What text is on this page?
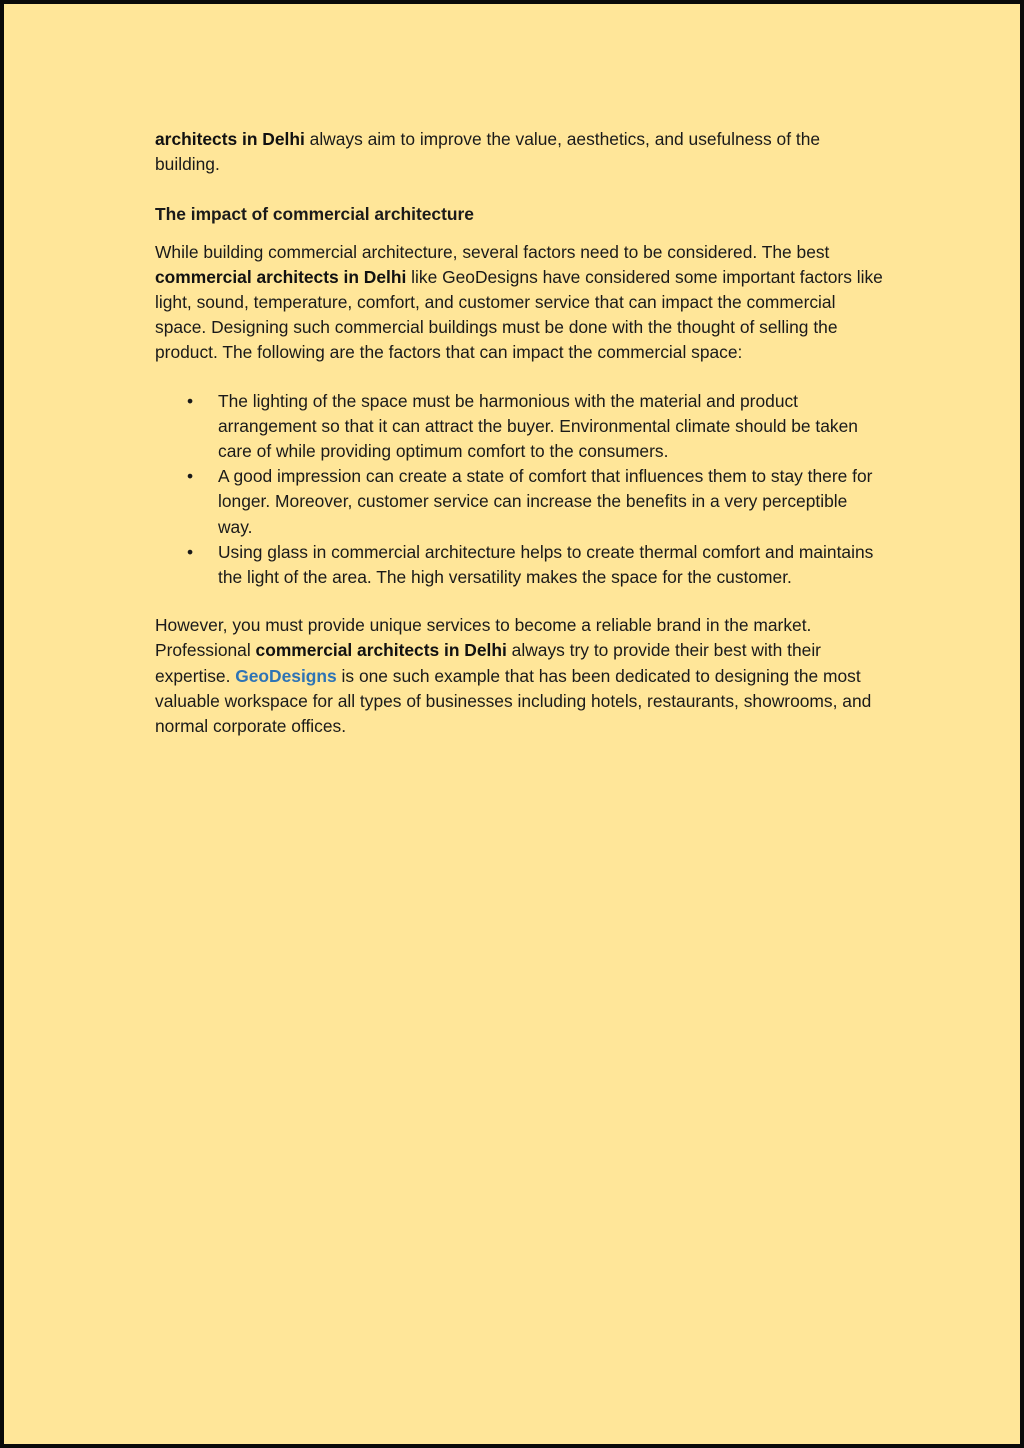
architects in Delhi always aim to improve the value, aesthetics, and usefulness of the building.

The impact of commercial architecture

While building commercial architecture, several factors need to be considered. The best commercial architects in Delhi like GeoDesigns have considered some important factors like light, sound, temperature, comfort, and customer service that can impact the commercial space. Designing such commercial buildings must be done with the thought of selling the product. The following are the factors that can impact the commercial space:

• The lighting of the space must be harmonious with the material and product arrangement so that it can attract the buyer. Environmental climate should be taken care of while providing optimum comfort to the consumers.
• A good impression can create a state of comfort that influences them to stay there for longer. Moreover, customer service can increase the benefits in a very perceptible way.
• Using glass in commercial architecture helps to create thermal comfort and maintains the light of the area. The high versatility makes the space for the customer.

However, you must provide unique services to become a reliable brand in the market. Professional commercial architects in Delhi always try to provide their best with their expertise. GeoDesigns is one such example that has been dedicated to designing the most valuable workspace for all types of businesses including hotels, restaurants, showrooms, and normal corporate offices.
